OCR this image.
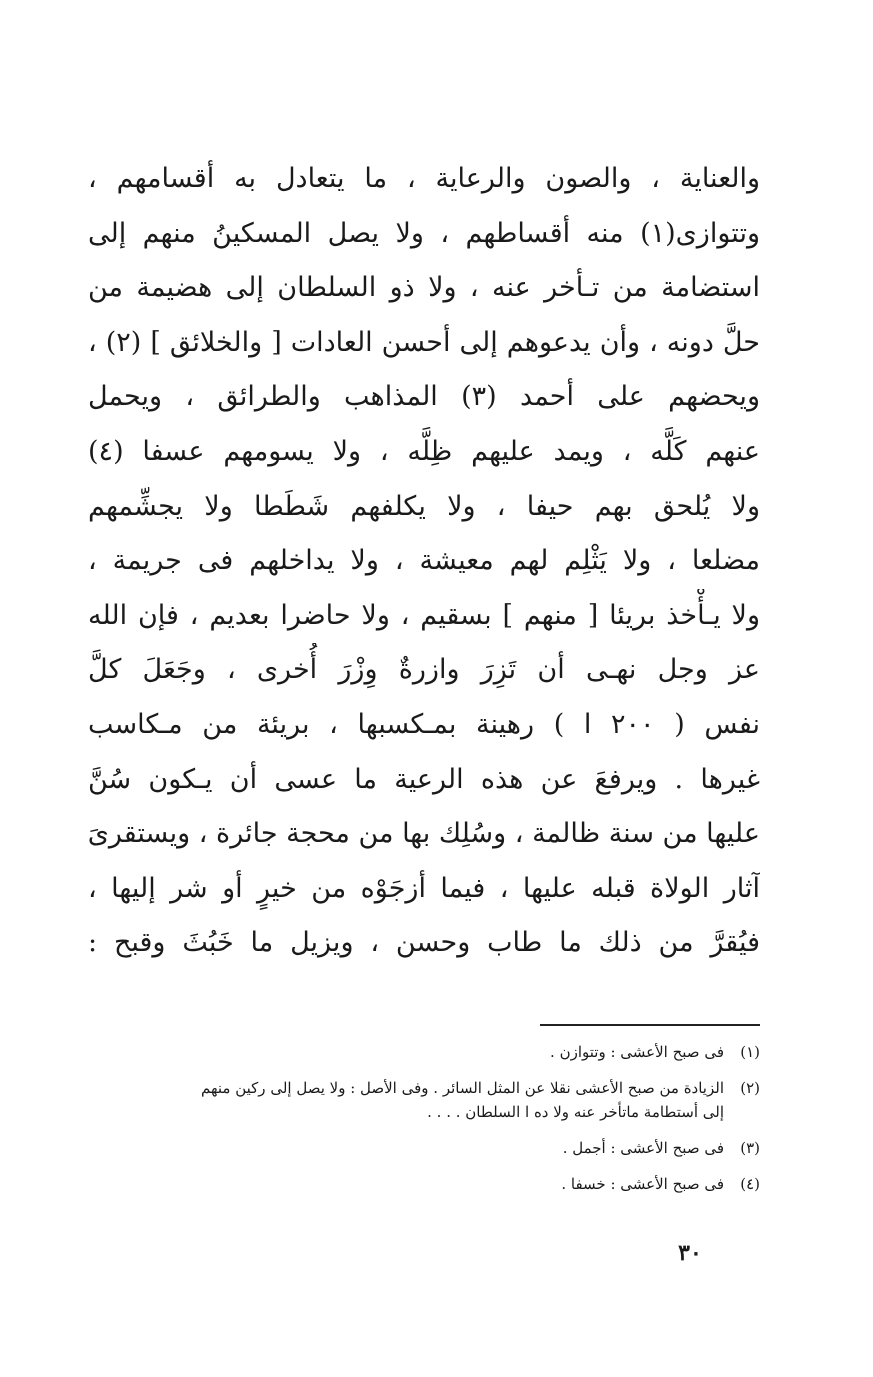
والعناية ، والصون والرعاية ، ما يتعادل به أقسامهم ،
وتتوازى(١) منه أقساطهم ، ولا يصل المسكينُ منهم إلى
استضامة من تـأخر عنه ، ولا ذو السلطان إلى هضيمة من
حلَّ دونه ، وأن يدعوهم إلى أحسن العادات [ والخلائق ] (٢) ،
ويحضهم على أحمد (٣) المذاهب والطرائق ، ويحمل
عنهم كَلَّه ، ويمد عليهم ظِلَّه ، ولا يسومهم عسفا (٤)
ولا يُلحق بهم حيفا ، ولا يكلفهم شَطَطا ولا يجشِّمهم
مضلعا ، ولا يَثْلِم لهم معيشة ، ولا يداخلهم فى جريمة ،
ولا يـأْخذ بريئا [ منهم ] بسقيم ، ولا حاضرا بعديم ، فإن الله
عز وجل نهـى أن تَزِرَ وازرةٌ وِزْرَ أُخرى ، وجَعَلَ كلَّ
نفس ( ٢٠٠ ا ) رهينة بمـكسبها ، بريئة من مـكاسب
غيرها . ويرفعَ عن هذه الرعية ما عسى أن يـكون سُنَّ
عليها من سنة ظالمة ، وسُلِك بها من محجة جائرة ، ويستقرىَ
آثار الولاة قبله عليها ، فيما أزجَوْه من خيرٍ أو شر إليها ،
فيُقرَّ من ذلك ما طاب وحسن ، ويزيل ما خَبُثَ وقبح :
(١)
فى صبح الأعشى : وتتوازن .
(٢)
الزيادة من صبح الأعشى نقلا عن المثل السائر . وفى الأصل : ولا يصل إلى ركين منهم
إلى أستطامة ماتأخر عنه ولا ده ا السلطان . . . .
(٣)
فى صبح الأعشى : أجمل .
(٤)
فى صبح الأعشى : خسفا .
٣٠
